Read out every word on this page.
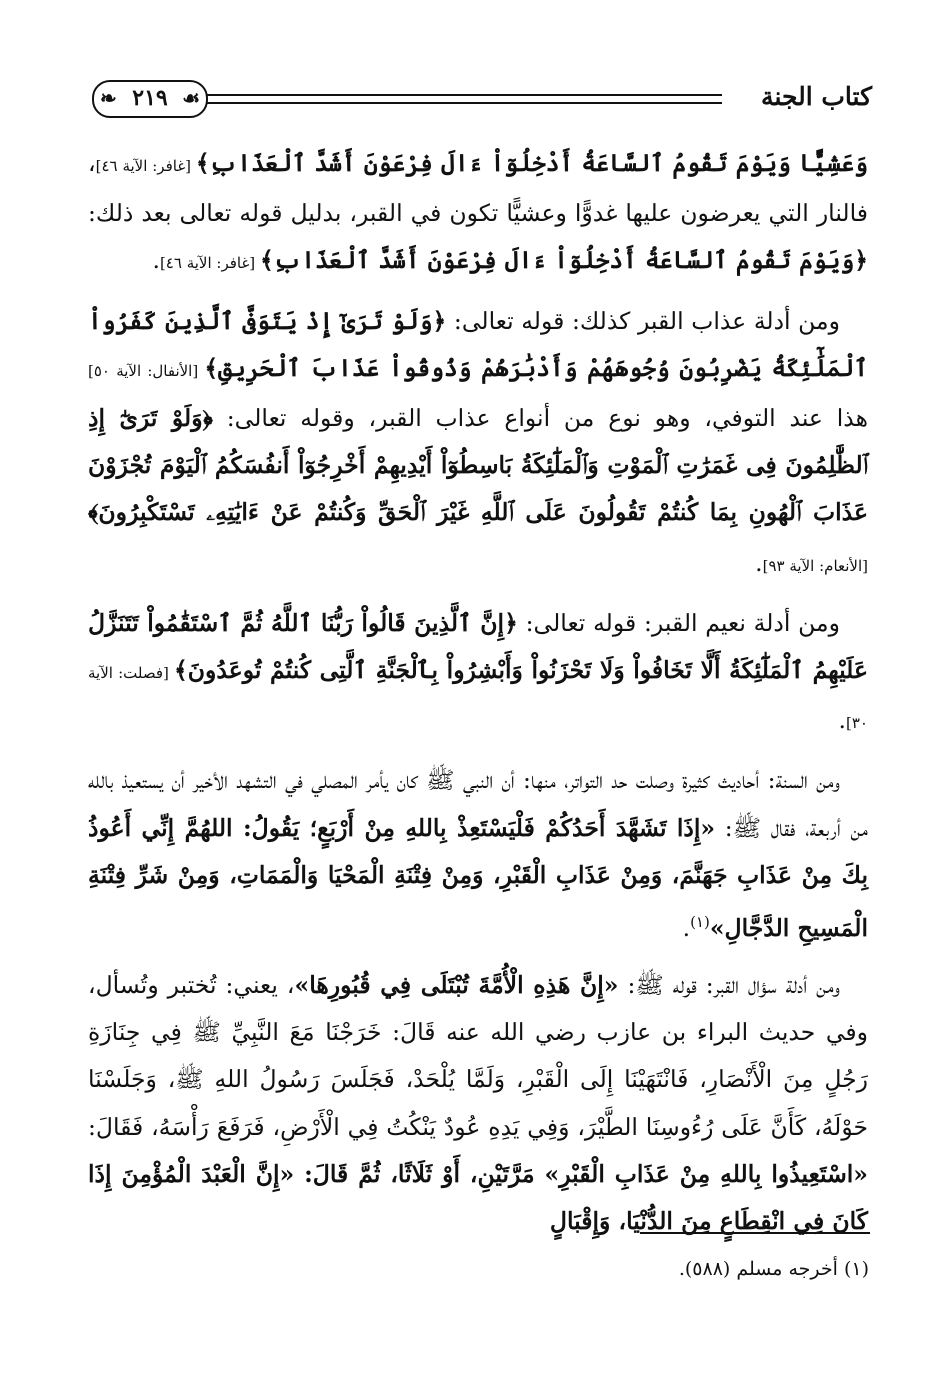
كتاب الجنة
❧ ٢١٩ ☙

وَعَشِيًّا وَيَوْمَ تَقُومُ ٱلسَّاعَةُ أَدْخِلُوٓاْ ءَالَ فِرْعَوْنَ أَشَدَّ ٱلْعَذَابِ﴾ [غافر: الآية ٤٦]، فالنار التي يعرضون عليها غدوًّا وعشيًّا تكون في القبر، بدليل قوله تعالى بعد ذلك: ﴿وَيَوْمَ تَقُومُ ٱلسَّاعَةُ أَدْخِلُوٓاْ ءَالَ فِرْعَوْنَ أَشَدَّ ٱلْعَذَابِ﴾ [غافر: الآية ٤٦].

ومن أدلة عذاب القبر كذلك: قوله تعالى: ﴿وَلَوْ تَرَىٰٓ إِذْ يَتَوَفَّى ٱلَّذِينَ كَفَرُواْ ٱلْمَلَٰٓئِكَةُ يَضْرِبُونَ وُجُوهَهُمْ وَأَدْبَٰرَهُمْ وَذُوقُواْ عَذَابَ ٱلْحَرِيقِ﴾ [الأنفال: الآية ٥٠] هذا عند التوفي، وهو نوع من أنواع عذاب القبر، وقوله تعالى: ﴿وَلَوْ تَرَىٰٓ إِذِ ٱلظَّٰلِمُونَ فِى غَمَرَٰتِ ٱلْمَوْتِ وَٱلْمَلَٰٓئِكَةُ بَاسِطُوٓاْ أَيْدِيهِمْ أَخْرِجُوٓاْ أَنفُسَكُمُ ٱلْيَوْمَ تُجْزَوْنَ عَذَابَ ٱلْهُونِ بِمَا كُنتُمْ تَقُولُونَ عَلَى ٱللَّهِ غَيْرَ ٱلْحَقِّ وَكُنتُمْ عَنْ ءَايَٰتِهِۦ تَسْتَكْبِرُونَ﴾ [الأنعام: الآية ٩٣].

ومن أدلة نعيم القبر: قوله تعالى: ﴿إِنَّ ٱلَّذِينَ قَالُواْ رَبُّنَا ٱللَّهُ ثُمَّ ٱسْتَقَٰمُواْ تَتَنَزَّلُ عَلَيْهِمُ ٱلْمَلَٰٓئِكَةُ أَلَّا تَخَافُواْ وَلَا تَحْزَنُواْ وَأَبْشِرُواْ بِٱلْجَنَّةِ ٱلَّتِى كُنتُمْ تُوعَدُونَ﴾ [فصلت: الآية ٣٠].

ومن السنة: أحاديث كثيرة وصلت حد التواتر، منها: أن النبي ﷺ كان يأمر المصلي في التشهد الأخير أن يستعيذ بالله من أربعة، فقال ﷺ: «إِذَا تَشَهَّدَ أَحَدُكُمْ فَلْيَسْتَعِذْ بِاللهِ مِنْ أَرْبَعٍ؛ يَقُولُ: اللهُمَّ إِنِّي أَعُوذُ بِكَ مِنْ عَذَابِ جَهَنَّمَ، وَمِنْ عَذَابِ الْقَبْرِ، وَمِنْ فِتْنَةِ الْمَحْيَا وَالْمَمَاتِ، وَمِنْ شَرِّ فِتْنَةِ الْمَسِيحِ الدَّجَّالِ»$^{(١)}$.

ومن أدلة سؤال القبر: قوله ﷺ: «إِنَّ هَذِهِ الْأُمَّةَ تُبْتَلَى فِي قُبُورِهَا»، يعني: تُختبر وتُسأل، وفي حديث البراء بن عازب رضي الله عنه قَالَ: خَرَجْنَا مَعَ النَّبِيِّ ﷺ فِي جِنَازَةِ رَجُلٍ مِنَ الْأَنْصَارِ، فَانْتَهَيْنَا إِلَى الْقَبْرِ، وَلَمَّا يُلْحَدْ، فَجَلَسَ رَسُولُ اللهِ ﷺ، وَجَلَسْنَا حَوْلَهُ، كَأَنَّ عَلَى رُءُوسِنَا الطَّيْرَ، وَفِي يَدِهِ عُودٌ يَنْكُتُ فِي الْأَرْضِ، فَرَفَعَ رَأْسَهُ، فَقَالَ: «اسْتَعِيذُوا بِاللهِ مِنْ عَذَابِ الْقَبْرِ» مَرَّتَيْنِ، أَوْ ثَلَاثًا، ثُمَّ قَالَ: «إِنَّ الْعَبْدَ الْمُؤْمِنَ إِذَا كَانَ فِي انْقِطَاعٍ مِنَ الدُّنْيَا، وَإِقْبَالٍ

(١) أخرجه مسلم (٥٨٨).
